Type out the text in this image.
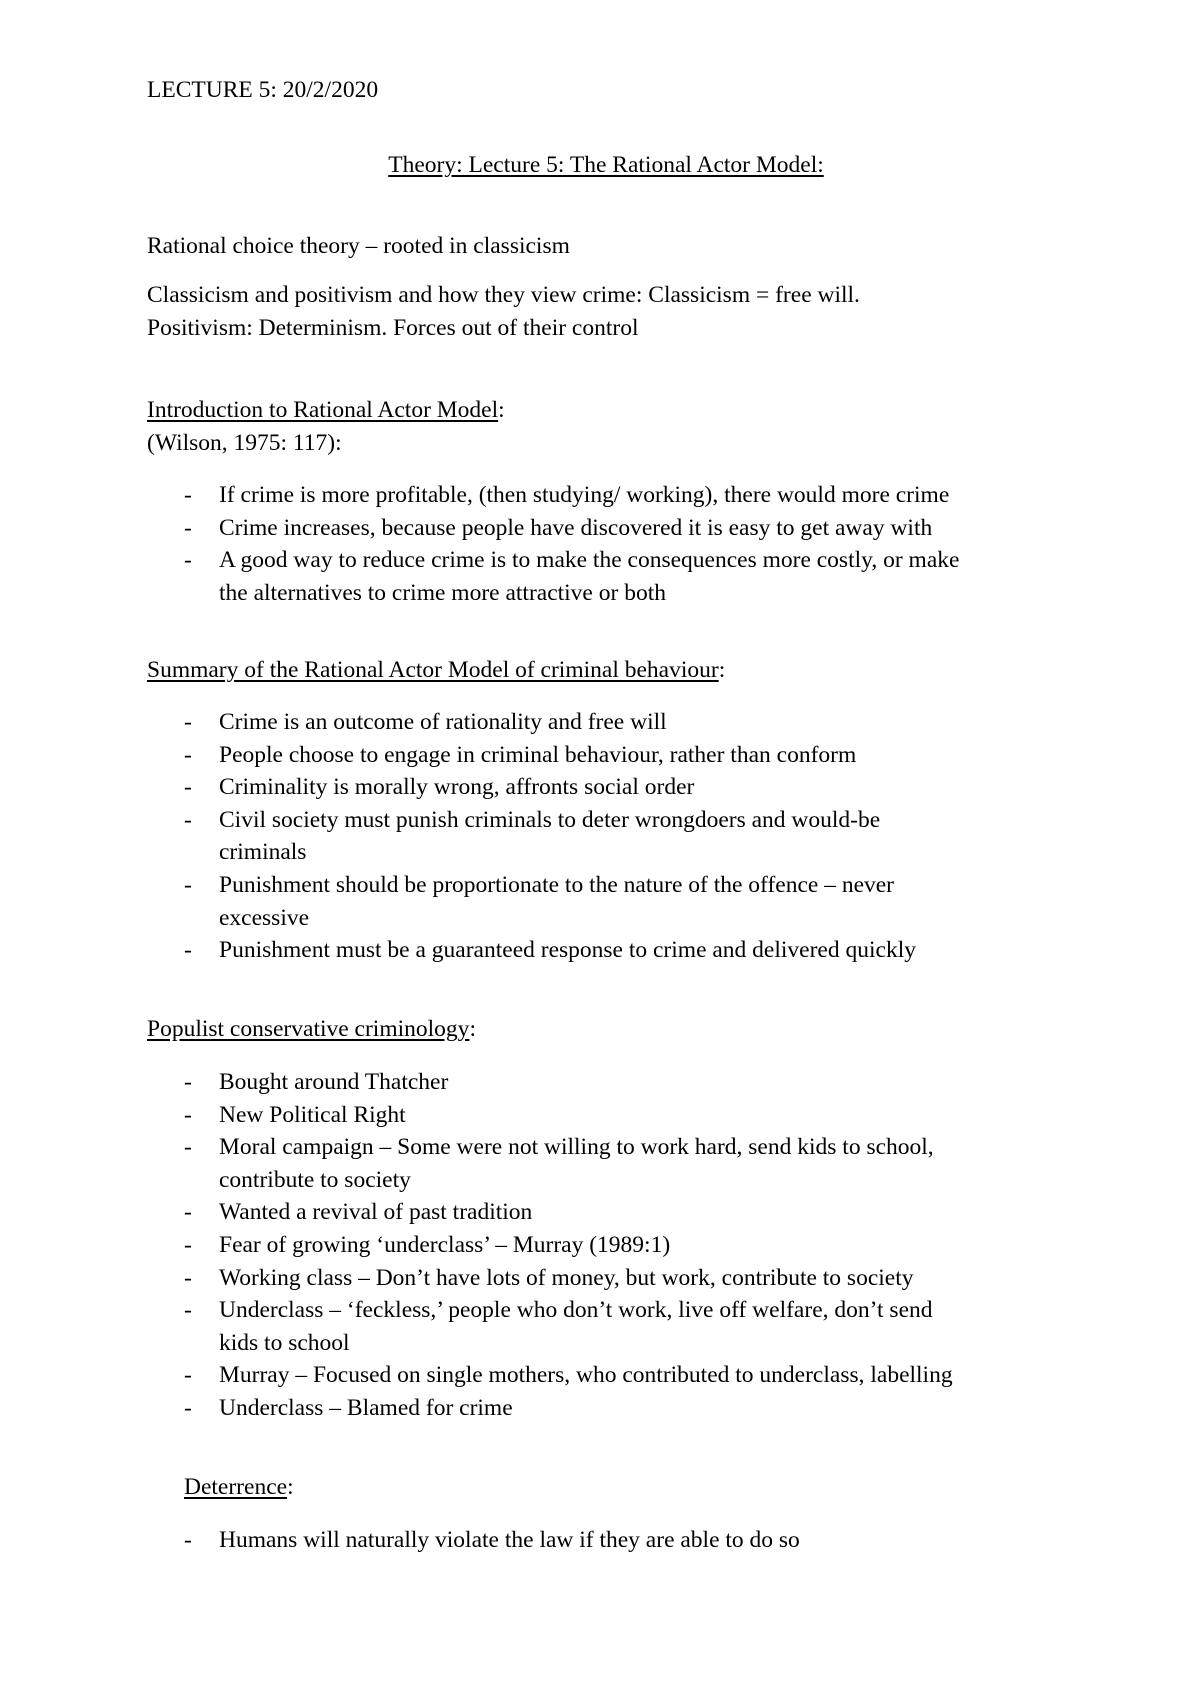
LECTURE 5: 20/2/2020
Theory: Lecture 5: The Rational Actor Model:
Rational choice theory – rooted in classicism
Classicism and positivism and how they view crime: Classicism = free will.
Positivism: Determinism. Forces out of their control
Introduction to Rational Actor Model:
(Wilson, 1975: 117):
- If crime is more profitable, (then studying/ working), there would more crime
- Crime increases, because people have discovered it is easy to get away with
- A good way to reduce crime is to make the consequences more costly, or make
the alternatives to crime more attractive or both
Summary of the Rational Actor Model of criminal behaviour:
- Crime is an outcome of rationality and free will
- People choose to engage in criminal behaviour, rather than conform
- Criminality is morally wrong, affronts social order
- Civil society must punish criminals to deter wrongdoers and would-be
criminals
- Punishment should be proportionate to the nature of the offence – never
excessive
- Punishment must be a guaranteed response to crime and delivered quickly
Populist conservative criminology:
- Bought around Thatcher
- New Political Right
- Moral campaign – Some were not willing to work hard, send kids to school,
contribute to society
- Wanted a revival of past tradition
- Fear of growing ‘underclass’ – Murray (1989:1)
- Working class – Don’t have lots of money, but work, contribute to society
- Underclass – ‘feckless,’ people who don’t work, live off welfare, don’t send
kids to school
- Murray – Focused on single mothers, who contributed to underclass, labelling
- Underclass – Blamed for crime
Deterrence:
- Humans will naturally violate the law if they are able to do so
